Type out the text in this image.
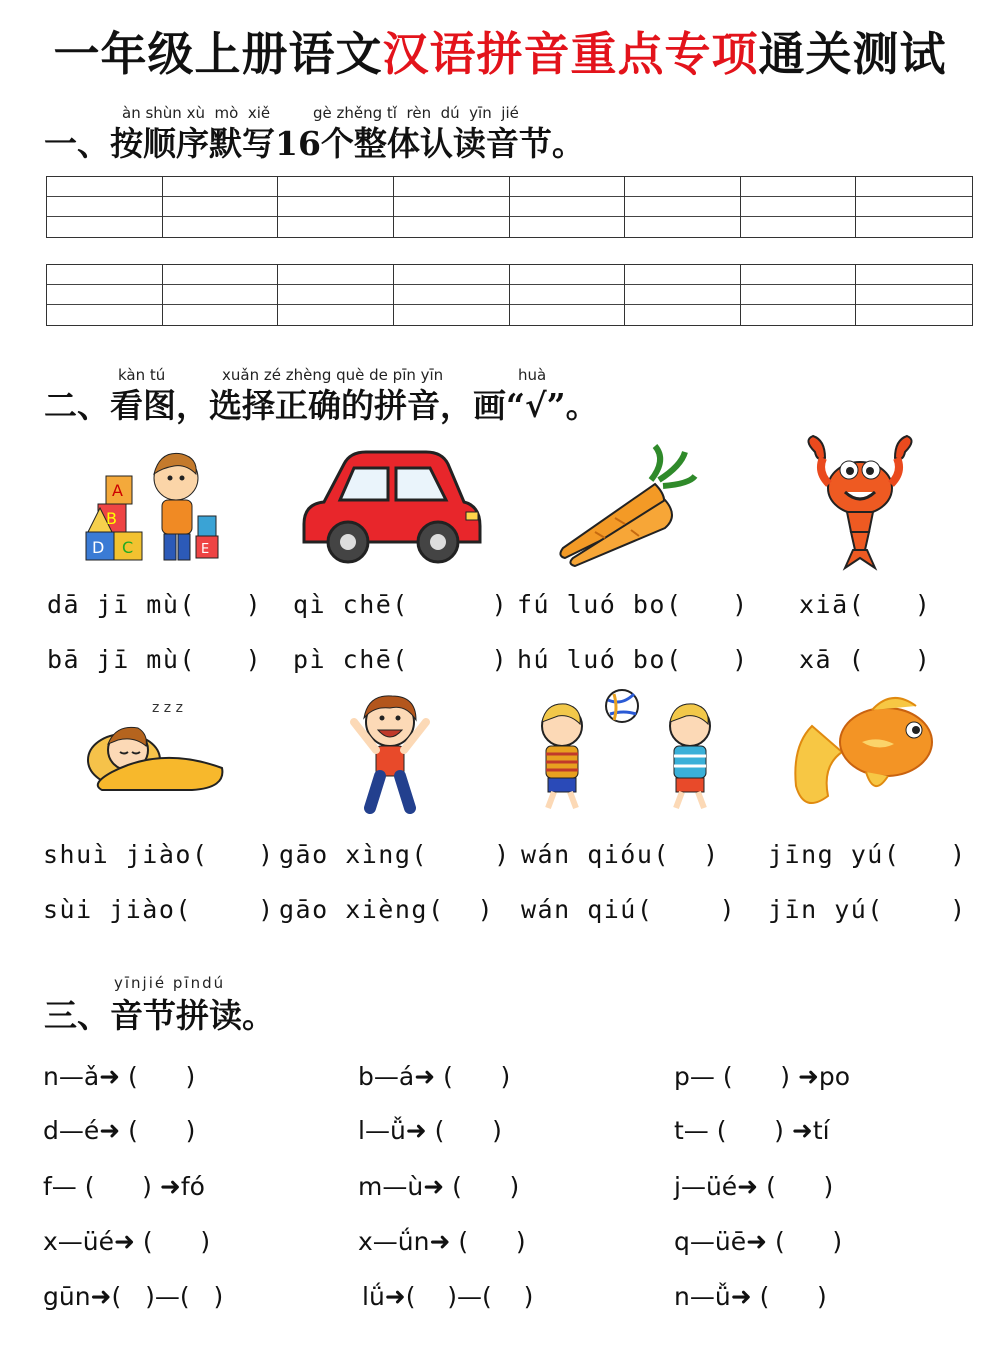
一年级上册语文汉语拼音重点专项通关测试
àn shùn xù  mò  xiě         gè zhěng tǐ  rèn  dú  yīn  jié
一、按顺序默写16个整体认读音节。
kàn tú	xuǎn zé zhèng què de pīn yīn	huà
二、看图，选择正确的拼音，画“√”。
D C
B
A
E
dā jī mù(   )
bā jī mù(   )
qì chē(     )
pì chē(     )
fú luó bo(   )
hú luó bo(   )
xiā(   )
xā (   )
z z z
shuì jiào(   )
sùi jiào(    )
gāo xìng(    )
gāo xièng(  )
wán qióu(  )
wán qiú(    )
jīng yú(   )
jīn yú(    )
yīnjié pīndú
三、音节拼读。
n—ǎ➜ (      )	b—á➜ (      )	p— (      ) ➜po
d—é➜ (      )	l—ǚ➜ (      )	t— (      ) ➜tí
f— (      ) ➜fó	m—ù➜ (      )	j—üé➜ (      )
x—üé➜ (      )	x—ǘn➜ (      )	q—üē➜ (      )
gūn➜(   )—(   )	lǘ➜(    )—(    )	n—ǚ➜ (      )
